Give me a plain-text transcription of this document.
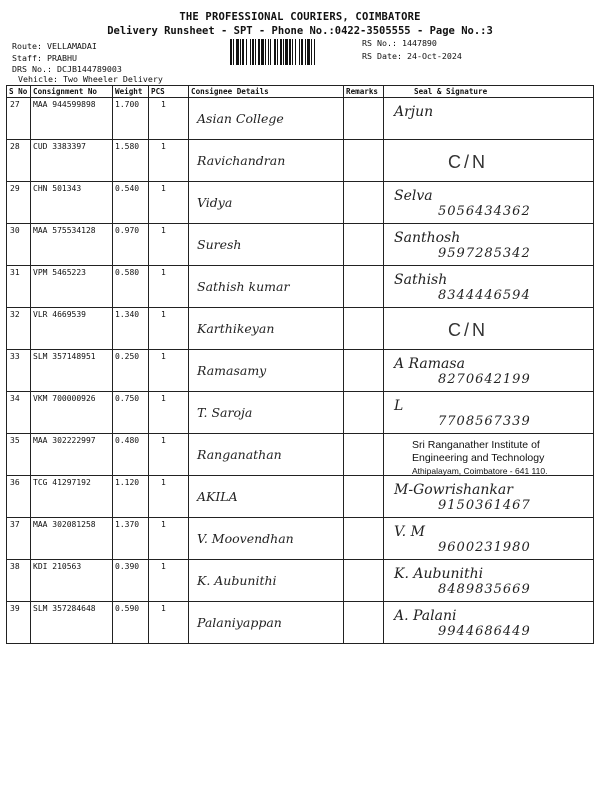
THE PROFESSIONAL COURIERS, COIMBATORE
Delivery Runsheet - SPT - Phone No.:0422-3505555 - Page No.:3
Route: VELLAMADAI
Staff: PRABHU
DRS No.: DCJB144789003
Vehicle: Two Wheeler Delivery
RS No.: 1447890
RS Date: 24-Oct-2024
S No	Consignment No	Weight	PCS	Consignee Details	Remarks	Seal & Signature
27	MAA 944599898	1.700	1	Asian College		Arjun

28	CUD 3383397	1.580	1	Ravichandran		C/N

29	CHN 501343	0.540	1	Vidya		Selva
5056434362

30	MAA 575534128	0.970	1	Suresh		Santhosh
9597285342

31	VPM 5465223	0.580	1	Sathish kumar		Sathish
8344446594

32	VLR 4669539	1.340	1	Karthikeyan		C/N

33	SLM 357148951	0.250	1	Ramasamy		A Ramasa
8270642199

34	VKM 700000926	0.750	1	T. Saroja		L
7708567339

35	MAA 302222997	0.480	1	Ranganathan		Sri Ranganather Institute of
Engineering and Technology
Athipalayam, Coimbatore - 641 110.

36	TCG 41297192	1.120	1	AKILA		M-Gowrishankar
9150361467

37	MAA 302081258	1.370	1	V. Moovendhan		V. M
9600231980

38	KDI 210563	0.390	1	K. Aubunithi		K. Aubunithi
8489835669

39	SLM 357284648	0.590	1	Palaniyappan		A. Palani
9944686449
